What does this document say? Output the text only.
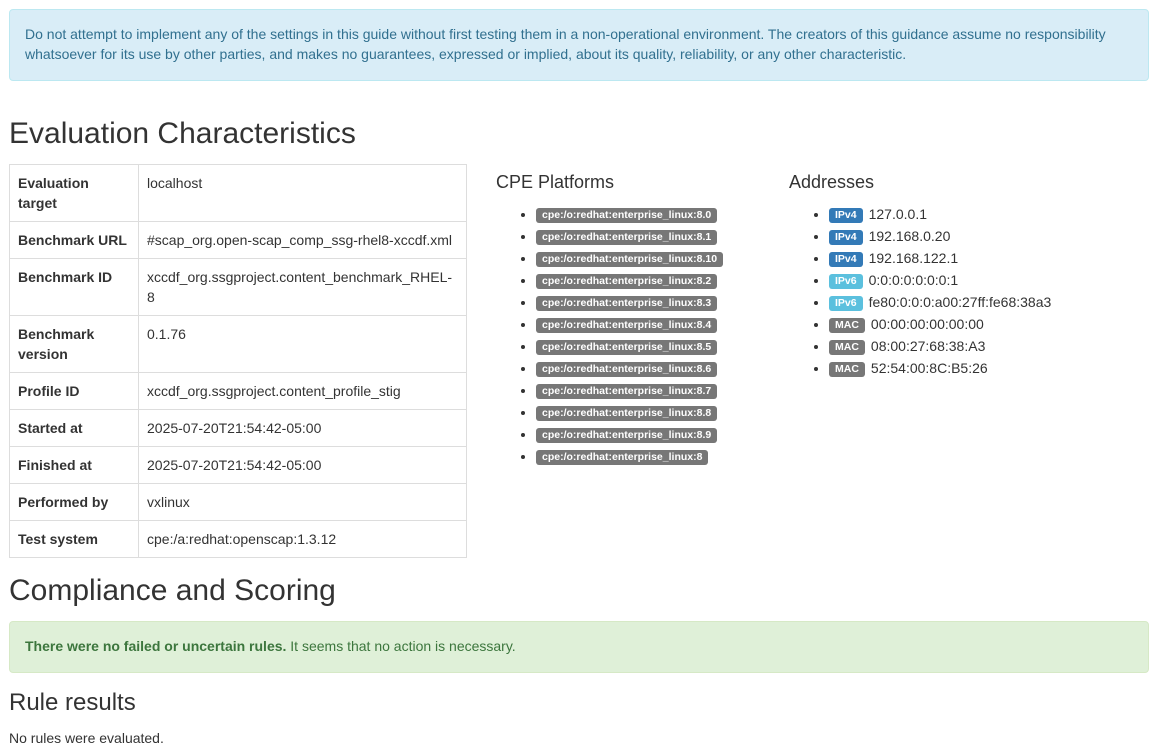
Do not attempt to implement any of the settings in this guide without first testing them in a non-operational environment. The creators of this guidance assume no responsibility whatsoever for its use by other parties, and makes no guarantees, expressed or implied, about its quality, reliability, or any other characteristic.
Evaluation Characteristics
Evaluation target	localhost
Benchmark URL	#scap_org.open-scap_comp_ssg-rhel8-xccdf.xml
Benchmark ID	xccdf_org.ssgproject.content_benchmark_RHEL-8
Benchmark version	0.1.76
Profile ID	xccdf_org.ssgproject.content_profile_stig
Started at	2025-07-20T21:54:42-05:00
Finished at	2025-07-20T21:54:42-05:00
Performed by	vxlinux
Test system	cpe:/a:redhat:openscap:1.3.12
CPE Platforms
• cpe:/o:redhat:enterprise_linux:8.0
• cpe:/o:redhat:enterprise_linux:8.1
• cpe:/o:redhat:enterprise_linux:8.10
• cpe:/o:redhat:enterprise_linux:8.2
• cpe:/o:redhat:enterprise_linux:8.3
• cpe:/o:redhat:enterprise_linux:8.4
• cpe:/o:redhat:enterprise_linux:8.5
• cpe:/o:redhat:enterprise_linux:8.6
• cpe:/o:redhat:enterprise_linux:8.7
• cpe:/o:redhat:enterprise_linux:8.8
• cpe:/o:redhat:enterprise_linux:8.9
• cpe:/o:redhat:enterprise_linux:8
Addresses
• IPv4 127.0.0.1
• IPv4 192.168.0.20
• IPv4 192.168.122.1
• IPv6 0:0:0:0:0:0:0:1
• IPv6 fe80:0:0:0:a00:27ff:fe68:38a3
• MAC 00:00:00:00:00:00
• MAC 08:00:27:68:38:A3
• MAC 52:54:00:8C:B5:26
Compliance and Scoring
There were no failed or uncertain rules. It seems that no action is necessary.
Rule results
No rules were evaluated.
